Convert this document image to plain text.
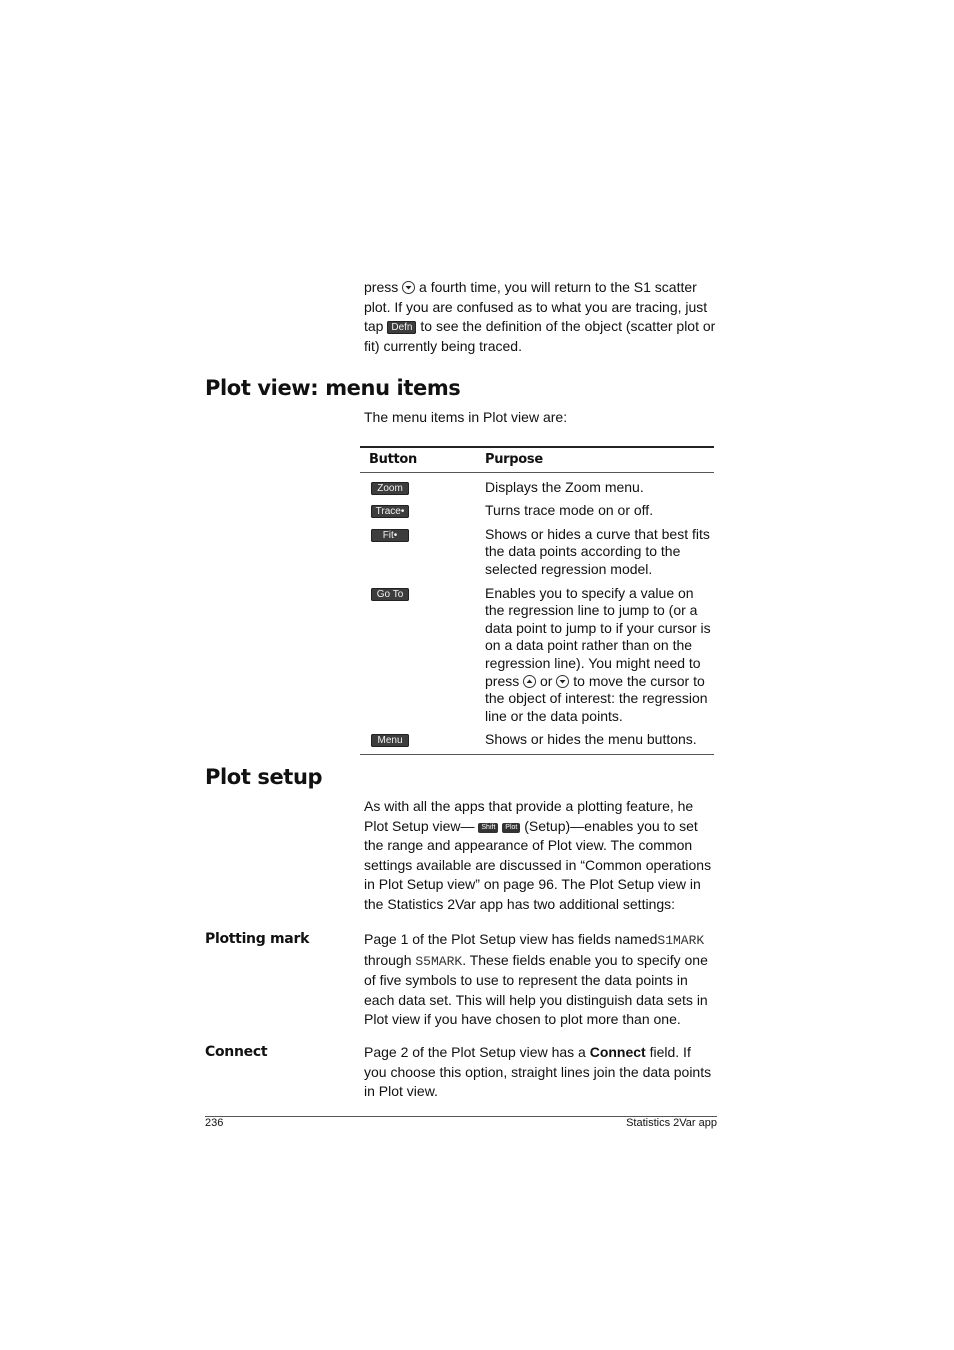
press a fourth time, you will return to the S1 scatter plot. If you are confused as to what you are tracing, just tap Defn to see the definition of the object (scatter plot or fit) currently being traced.
Plot view: menu items
The menu items in Plot view are:
Button	Purpose
Zoom	Displays the Zoom menu.
Trace•	Turns trace mode on or off.
Fit•	Shows or hides a curve that best fits the data points according to the selected regression model.
Go To	Enables you to specify a value on the regression line to jump to (or a data point to jump to if your cursor is on a data point rather than on the regression line). You might need to press or to move the cursor to the object of interest: the regression line or the data points.
Menu	Shows or hides the menu buttons.
Plot setup
As with all the apps that provide a plotting feature, he Plot Setup view— Shift Plot (Setup)—enables you to set the range and appearance of Plot view. The common settings available are discussed in “Common operations in Plot Setup view” on page 96. The Plot Setup view in the Statistics 2Var app has two additional settings:
Plotting mark	Page 1 of the Plot Setup view has fields namedS1MARK through S5MARK. These fields enable you to specify one of five symbols to use to represent the data points in each data set. This will help you distinguish data sets in Plot view if you have chosen to plot more than one.
Connect	Page 2 of the Plot Setup view has a Connect field. If you choose this option, straight lines join the data points in Plot view.
236	Statistics 2Var app
